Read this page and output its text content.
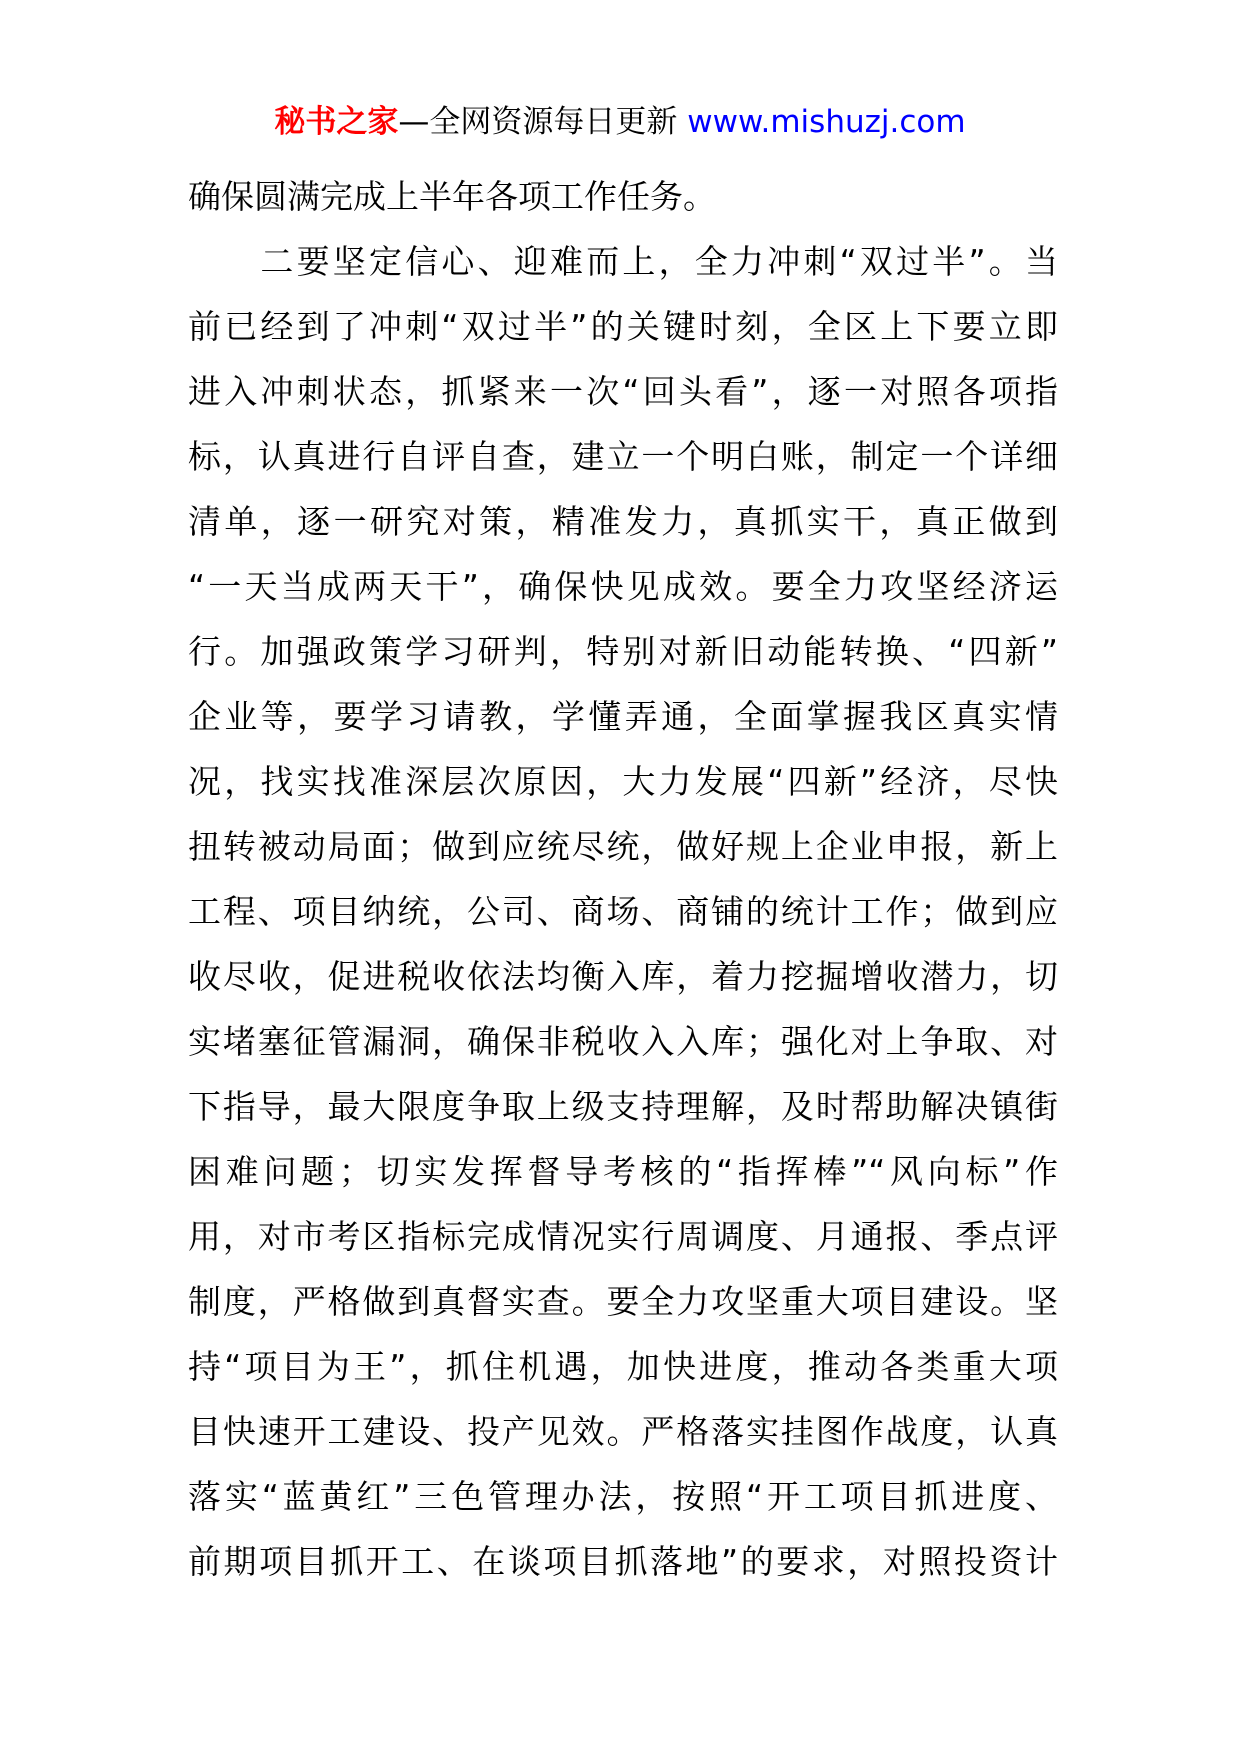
秘书之家—全网资源每日更新 www.mishuzj.com
确保圆满完成上半年各项工作任务。
　　二要坚定信心、迎难而上，全力冲刺“双过半”。当
前已经到了冲刺“双过半”的关键时刻，全区上下要立即
进入冲刺状态，抓紧来一次“回头看”，逐一对照各项指
标，认真进行自评自查，建立一个明白账，制定一个详细
清单，逐一研究对策，精准发力，真抓实干，真正做到
“一天当成两天干”，确保快见成效。要全力攻坚经济运
行。加强政策学习研判，特别对新旧动能转换、“四新”
企业等，要学习请教，学懂弄通，全面掌握我区真实情
况，找实找准深层次原因，大力发展“四新”经济，尽快
扭转被动局面；做到应统尽统，做好规上企业申报，新上
工程、项目纳统，公司、商场、商铺的统计工作；做到应
收尽收，促进税收依法均衡入库，着力挖掘增收潜力，切
实堵塞征管漏洞，确保非税收入入库；强化对上争取、对
下指导，最大限度争取上级支持理解，及时帮助解决镇街
困难问题；切实发挥督导考核的“指挥棒”“风向标”作
用，对市考区指标完成情况实行周调度、月通报、季点评
制度，严格做到真督实查。要全力攻坚重大项目建设。坚
持“项目为王”，抓住机遇，加快进度，推动各类重大项
目快速开工建设、投产见效。严格落实挂图作战度，认真
落实“蓝黄红”三色管理办法，按照“开工项目抓进度、
前期项目抓开工、在谈项目抓落地”的要求，对照投资计
